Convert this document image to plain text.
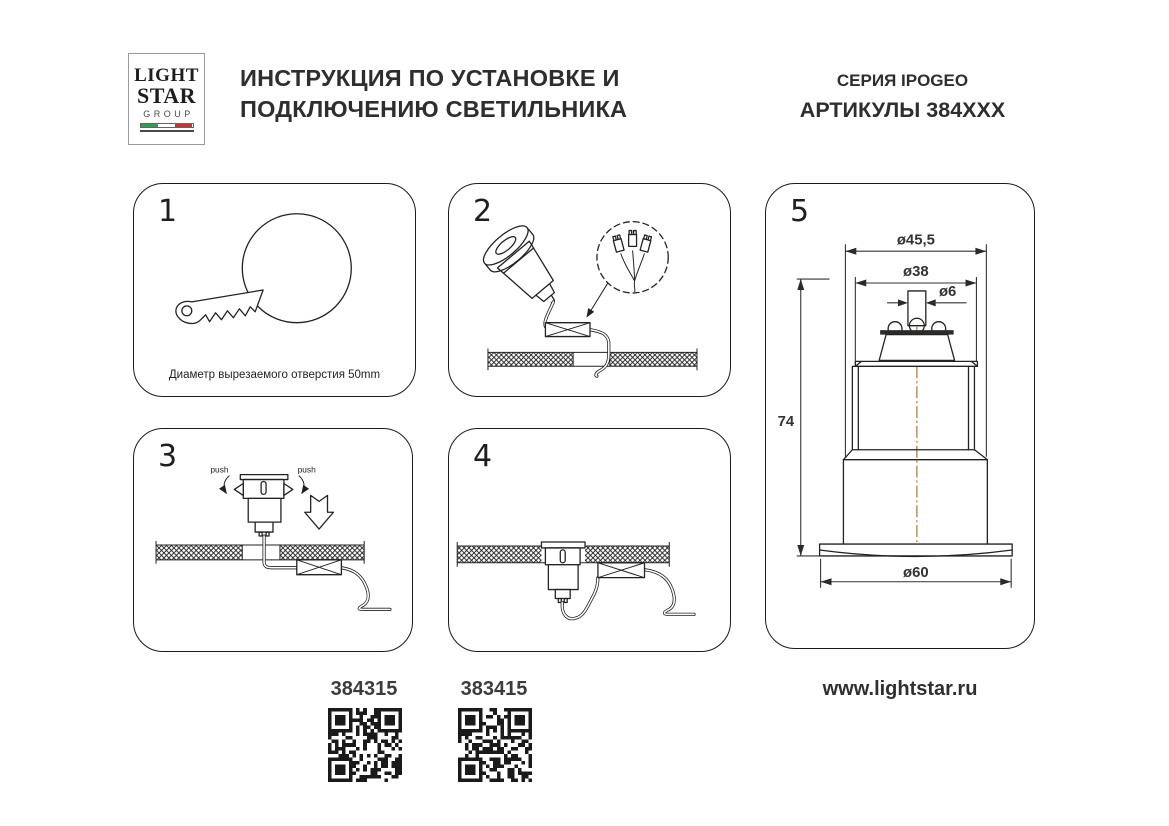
LIGHT
STAR
GROUP
ИНСТРУКЦИЯ ПО УСТАНОВКЕ И
ПОДКЛЮЧЕНИЮ СВЕТИЛЬНИКА
СЕРИЯ IPOGEO
АРТИКУЛЫ 384XXX
1
Диаметр вырезаемого отверстия 50mm
2
3	push	push	4
5
ø45,5
ø38
ø6
74
ø60
384315	383415	www.lightstar.ru
